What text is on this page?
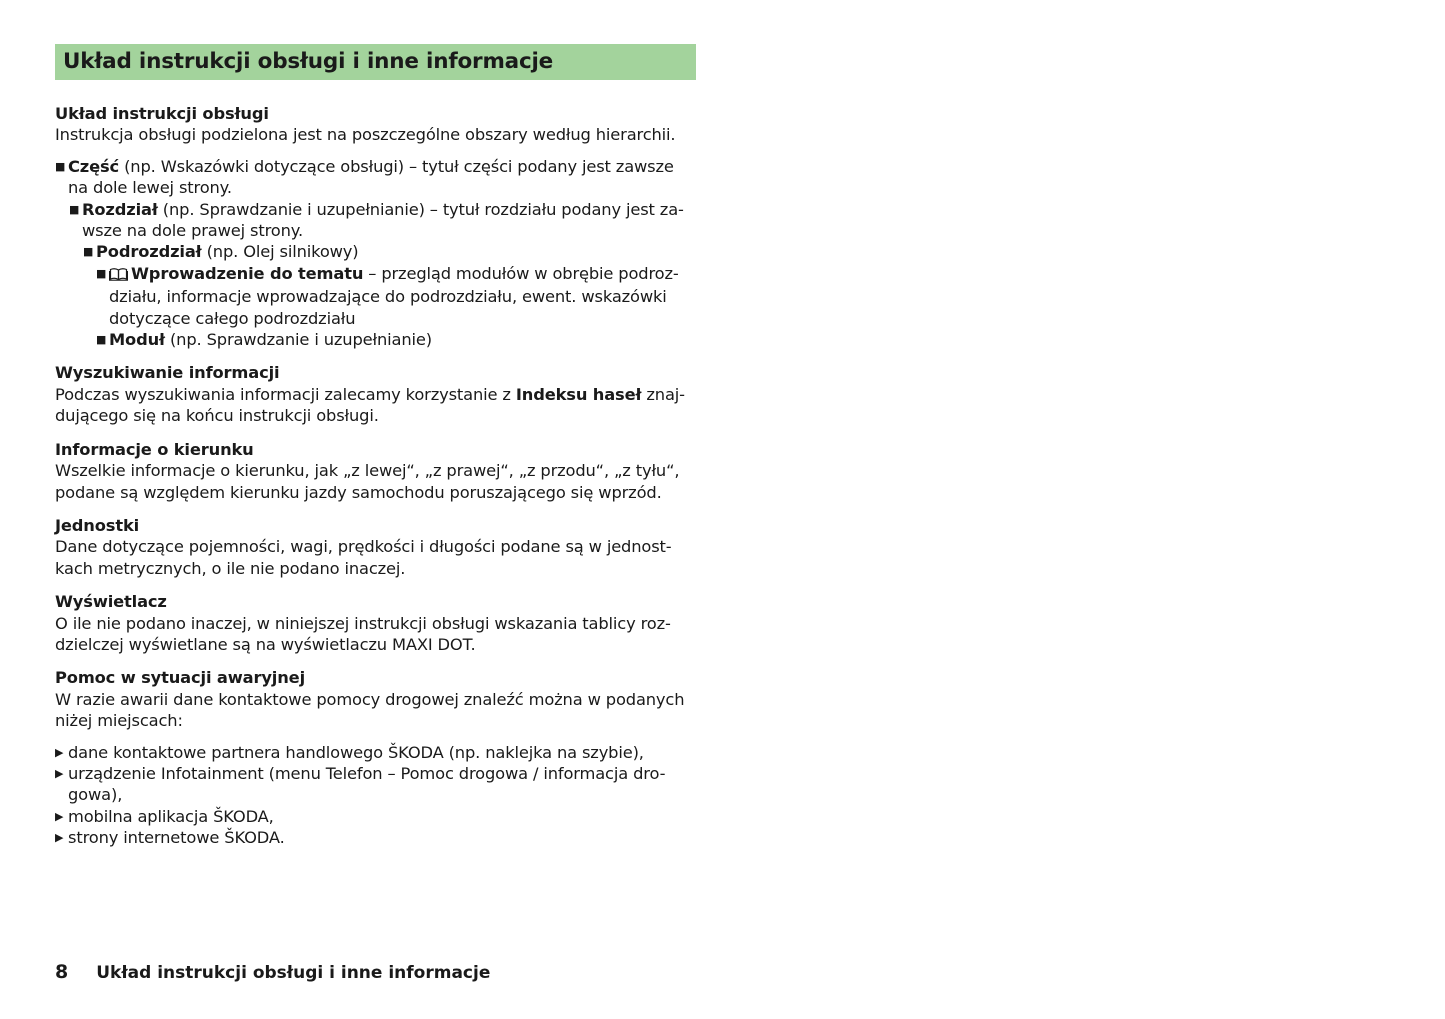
Układ instrukcji obsługi i inne informacje
Układ instrukcji obsługi
Instrukcja obsługi podzielona jest na poszczególne obszary według hierarchii.
■ Część (np. Wskazówki dotyczące obsługi) – tytuł części podany jest zawsze
na dole lewej strony.
■ Rozdział (np. Sprawdzanie i uzupełnianie) – tytuł rozdziału podany jest za-
wsze na dole prawej strony.
■ Podrozdział (np. Olej silnikowy)
■	Wprowadzenie do tematu – przegląd modułów w obrębie podroz-
działu, informacje wprowadzające do podrozdziału, ewent. wskazówki
dotyczące całego podrozdziału
■ Moduł (np. Sprawdzanie i uzupełnianie)
Wyszukiwanie informacji
Podczas wyszukiwania informacji zalecamy korzystanie z Indeksu haseł znaj-
dującego się na końcu instrukcji obsługi.
Informacje o kierunku
Wszelkie informacje o kierunku, jak „z lewej“, „z prawej“, „z przodu“, „z tyłu“,
podane są względem kierunku jazdy samochodu poruszającego się wprzód.
Jednostki
Dane dotyczące pojemności, wagi, prędkości i długości podane są w jednost-
kach metrycznych, o ile nie podano inaczej.
Wyświetlacz
O ile nie podano inaczej, w niniejszej instrukcji obsługi wskazania tablicy roz-
dzielczej wyświetlane są na wyświetlaczu MAXI DOT.
Pomoc w sytuacji awaryjnej
W razie awarii dane kontaktowe pomocy drogowej znaleźć można w podanych
niżej miejscach:
▶ dane kontaktowe partnera handlowego ŠKODA (np. naklejka na szybie),
▶ urządzenie Infotainment (menu Telefon – Pomoc drogowa / informacja dro-
gowa),
▶ mobilna aplikacja ŠKODA,
▶ strony internetowe ŠKODA.
8 Układ instrukcji obsługi i inne informacje
